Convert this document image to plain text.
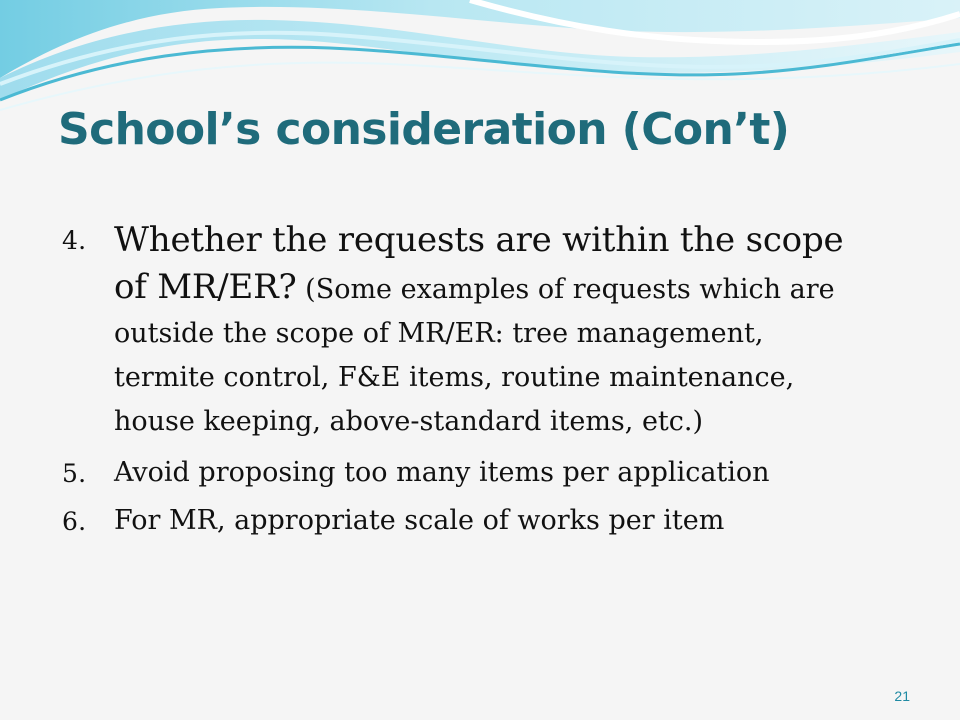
School’s consideration (Con’t)
4. Whether the requests are within the scope of MR/ER? (Some examples of requests which are outside the scope of MR/ER: tree management, termite control, F&E items, routine maintenance, house keeping, above-standard items, etc.)
5.	Avoid proposing too many items per application
6.	For MR, appropriate scale of works per item
21
